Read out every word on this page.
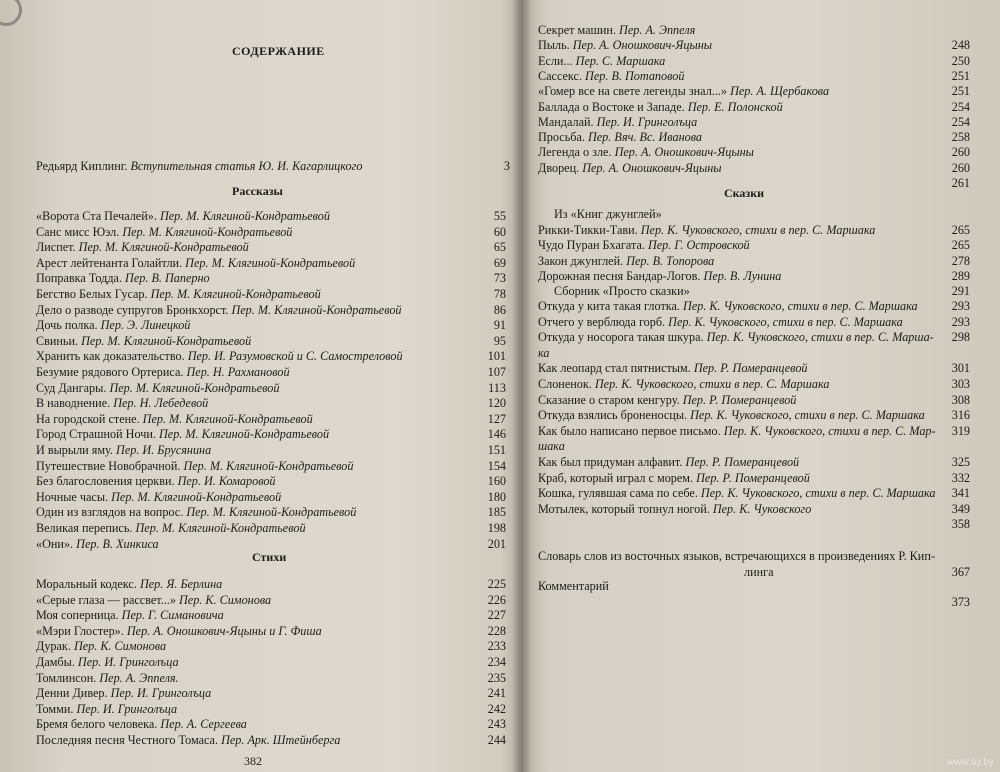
СОДЕРЖАНИЕ
Редьярд Киплинг. Вступительная статья Ю. И. Кагарлицкого	3
Рассказы
«Ворота Ста Печалей». Пер. М. Клягиной-Кондратьевой	55
Санс мисс Юэл. Пер. М. Клягиной-Кондратьевой	60
Лиспет. Пер. М. Клягиной-Кондратьевой	65
Арест лейтенанта Голайтли. Пер. М. Клягиной-Кондратьевой	69
Поправка Тодда. Пер. В. Паперно	73
Бегство Белых Гусар. Пер. М. Клягиной-Кондратьевой	78
Дело о разводе супругов Бронкхорст. Пер. М. Клягиной-Кондратьевой	86
Дочь полка. Пер. Э. Линецкой	91
Свиньи. Пер. М. Клягиной-Кондратьевой	95
Хранить как доказательство. Пер. И. Разумовской и С. Самостреловой	101
Безумие рядового Ортериса. Пер. Н. Рахмановой	107
Суд Дангары. Пер. М. Клягиной-Кондратьевой	113
В наводнение. Пер. Н. Лебедевой	120
На городской стене. Пер. М. Клягиной-Кондратьевой	127
Город Страшной Ночи. Пер. М. Клягиной-Кондратьевой	146
И вырыли яму. Пер. И. Брусянина	151
Путешествие Новобрачной. Пер. М. Клягиной-Кондратьевой	154
Без благословения церкви. Пер. И. Комаровой	160
Ночные часы. Пер. М. Клягиной-Кондратьевой	180
Один из взглядов на вопрос. Пер. М. Клягиной-Кондратьевой	185
Великая перепись. Пер. М. Клягиной-Кондратьевой	198
«Они». Пер. В. Хинкиса	201
Стихи
Моральный кодекс. Пер. Я. Берлина	225
«Серые глаза — рассвет...» Пер. К. Симонова	226
Моя соперница. Пер. Г. Симановича	227
«Мэри Глостер». Пер. А. Оношкович-Яцыны и Г. Фиша	228
Дурак. Пер. К. Симонова	233
Дамбы. Пер. И. Гринголъца	234
Томлинсон. Пер. А. Эппеля.	235
Денни Дивер. Пер. И. Гринголъца	241
Томми. Пер. И. Гринголъца	242
Бремя белого человека. Пер. А. Сергеева	243
Последняя песня Честного Томаса. Пер. Арк. Штейнберга	244
382
Секрет машин. Пер. А. Эппеля
Пыль. Пер. А. Оношкович-Яцыны	248
Если... Пер. С. Маршака	250
Сассекс. Пер. В. Потаповой	251
«Гомер все на свете легенды знал...» Пер. А. Щербакова	251
Баллада о Востоке и Западе. Пер. Е. Полонской	254
Мандалай. Пер. И. Гринголъца	254
Просьба. Пер. Вяч. Вс. Иванова	258
Легенда о зле. Пер. А. Оношкович-Яцыны	260
Дворец. Пер. А. Оношкович-Яцыны	260
261
Сказки
Из «Книг джунглей»
Рикки-Тикки-Тави. Пер. К. Чуковского, стихи в пер. С. Маршака	265
Чудо Пуран Бхагата. Пер. Г. Островской	265
Закон джунглей. Пер. В. Топорова	278
Дорожная песня Бандар-Логов. Пер. В. Лунина	289
Сборник «Просто сказки»	291
Откуда у кита такая глотка. Пер. К. Чуковского, стихи в пер. С. Маршака	293
Отчего у верблюда горб. Пер. К. Чуковского, стихи в пер. С. Маршака	293
Откуда у носорога такая шкура. Пер. К. Чуковского, стихи в пер. С. Марша- 298
ка
Как леопард стал пятнистым. Пер. Р. Померанцевой	301
Слоненок. Пер. К. Чуковского, стихи в пер. С. Маршака	303
Сказание о старом кенгуру. Пер. Р. Померанцевой	308
Откуда взялись броненосцы. Пер. К. Чуковского, стихи в пер. С. Маршака 316
Как было написано первое письмо. Пер. К. Чуковского, стихи в пер. С. Мар- 319
шака
Как был придуман алфавит. Пер. Р. Померанцевой	325
Краб, который играл с морем. Пер. Р. Померанцевой	332
Кошка, гулявшая сама по себе. Пер. К. Чуковского, стихи в пер. С. Маршака 341
Мотылек, который топнул ногой. Пер. К. Чуковского	349
358
Словарь слов из восточных языков, встречающихся в произведениях Р. Кип-
линга	367
Комментарий
373
www.ay.by
